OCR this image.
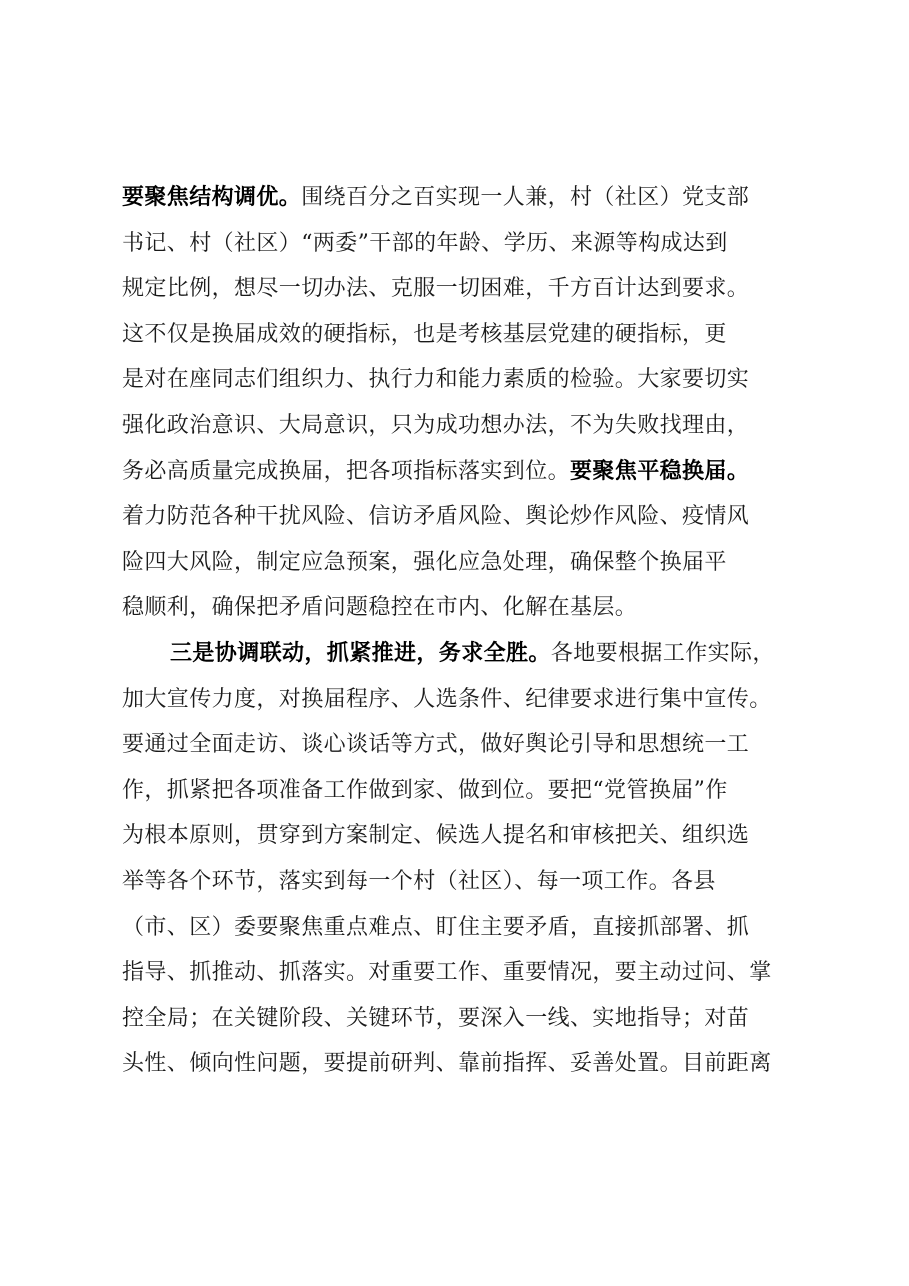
要聚焦结构调优。围绕百分之百实现一人兼，村（社区）党支部
书记、村（社区）“两委”干部的年龄、学历、来源等构成达到
规定比例，想尽一切办法、克服一切困难，千方百计达到要求。
这不仅是换届成效的硬指标，也是考核基层党建的硬指标，更
是对在座同志们组织力、执行力和能力素质的检验。大家要切实
强化政治意识、大局意识，只为成功想办法，不为失败找理由，
务必高质量完成换届，把各项指标落实到位。要聚焦平稳换届。
着力防范各种干扰风险、信访矛盾风险、舆论炒作风险、疫情风
险四大风险，制定应急预案，强化应急处理，确保整个换届平
稳顺利，确保把矛盾问题稳控在市内、化解在基层。
三是协调联动，抓紧推进，务求全胜。各地要根据工作实际，
加大宣传力度，对换届程序、人选条件、纪律要求进行集中宣传。
要通过全面走访、谈心谈话等方式，做好舆论引导和思想统一工
作，抓紧把各项准备工作做到家、做到位。要把“党管换届”作
为根本原则，贯穿到方案制定、候选人提名和审核把关、组织选
举等各个环节，落实到每一个村（社区）、每一项工作。各县
（市、区）委要聚焦重点难点、盯住主要矛盾，直接抓部署、抓
指导、抓推动、抓落实。对重要工作、重要情况，要主动过问、掌
控全局；在关键阶段、关键环节，要深入一线、实地指导；对苗
头性、倾向性问题，要提前研判、靠前指挥、妥善处置。目前距离
